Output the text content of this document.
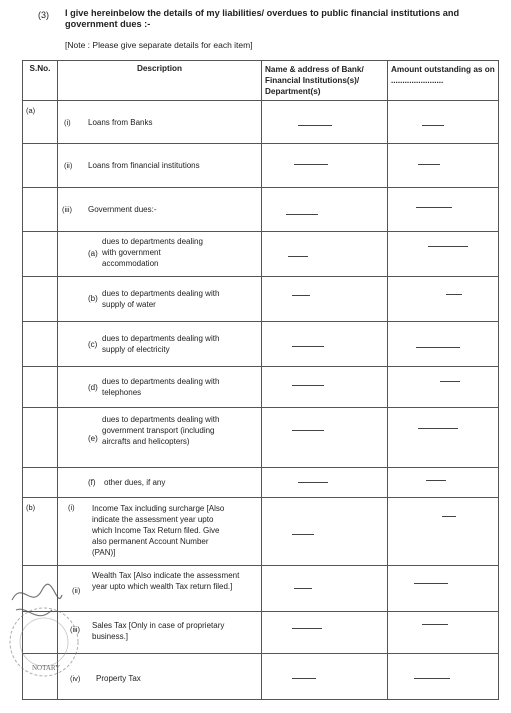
(3) I give hereinbelow the details of my liabilities/ overdues to public financial institutions and government dues :-
[Note : Please give separate details for each item]
S.No.	Description	Name & address of Bank/ Financial Institutions(s)/ Department(s)	Amount outstanding as on .......................

(a)	(i) Loans from Banks		

	(ii) Loans from financial institutions		

	(iii) Government dues:-		

	(a)
dues to departments dealing with government accommodation		

	(b)
dues to departments dealing with supply of water		

	(c)
dues to departments dealing with supply of electricity		

	(d)
dues to departments dealing with telephones		

	(e)
dues to departments dealing with government transport (including aircrafts and helicopters)		

	(f) other dues, if any		

(b)	(i) Income Tax including surcharge [Also indicate the assessment year upto which Income Tax Return filed. Give also permanent Account Number (PAN)]		

	(ii)
Wealth Tax [Also indicate the assessment year upto which wealth Tax return filed.]		

	(iii) Sales Tax [Only in case of proprietary business.]		

	(iv) Property Tax		

NOTARY
